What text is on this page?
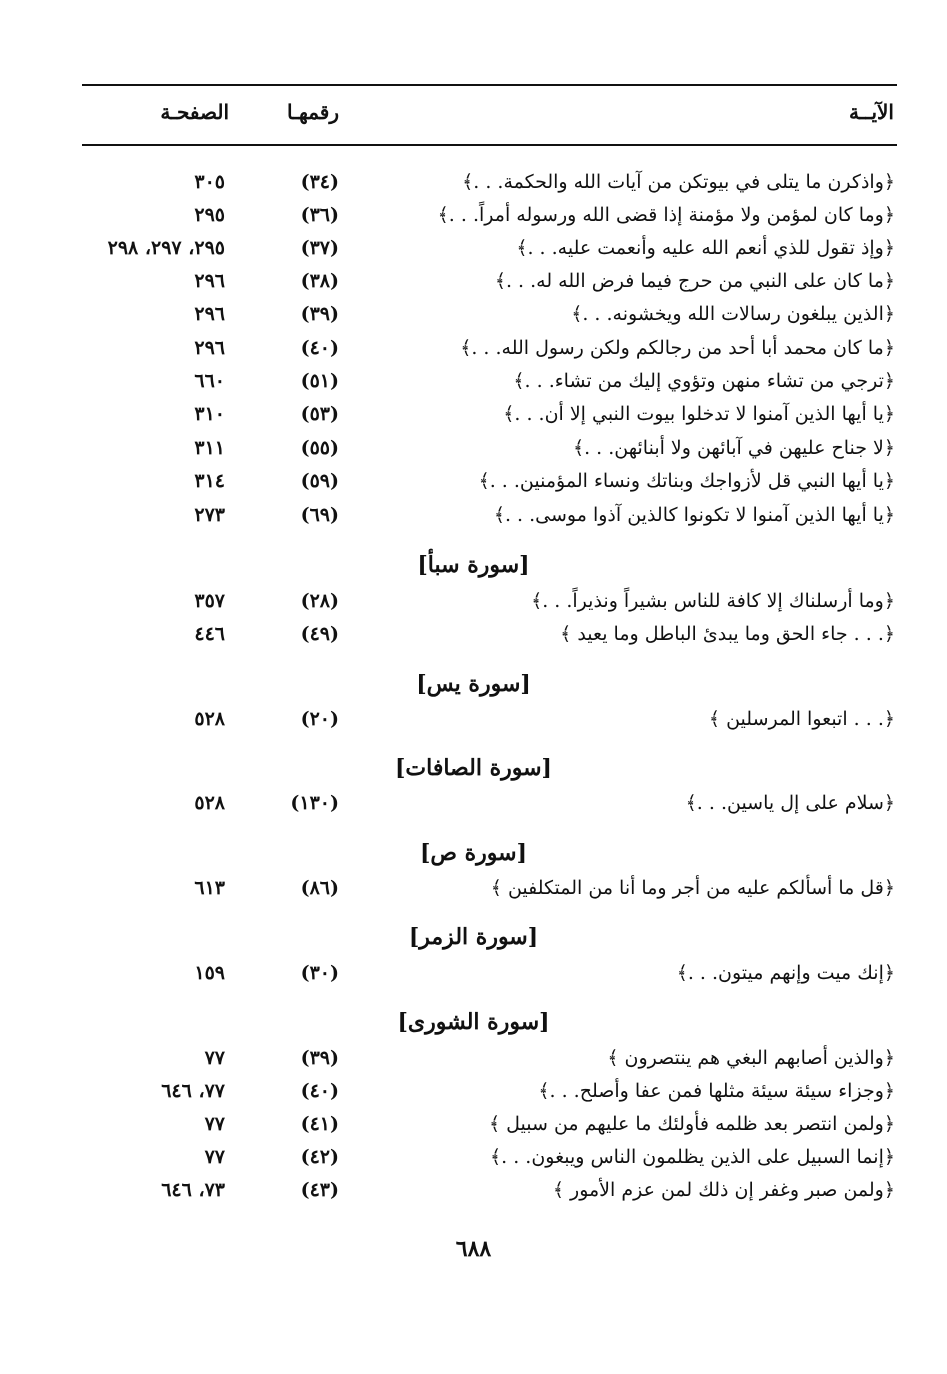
الآيــة
رقمهـا
الصفحـة
﴿واذكرن ما يتلى في بيوتكن من آيات الله والحكمة. . .﴾
(٣٤)
٣٠٥
﴿وما كان لمؤمن ولا مؤمنة إذا قضى الله ورسوله أمراً. . .﴾
(٣٦)
٢٩٥
﴿وإذ تقول للذي أنعم الله عليه وأنعمت عليه. . .﴾
(٣٧)
٢٩٥، ٢٩٧، ٢٩٨
﴿ما كان على النبي من حرج فيما فرض الله له. . .﴾
(٣٨)
٢٩٦
﴿الذين يبلغون رسالات الله ويخشونه. . .﴾
(٣٩)
٢٩٦
﴿ما كان محمد أبا أحد من رجالكم ولكن رسول الله. . .﴾
(٤٠)
٢٩٦
﴿ترجي من تشاء منهن وتؤوي إليك من تشاء. . .﴾
(٥١)
٦٦٠
﴿يا أيها الذين آمنوا لا تدخلوا بيوت النبي إلا أن. . .﴾
(٥٣)
٣١٠
﴿لا جناح عليهن في آبائهن ولا أبنائهن. . .﴾
(٥٥)
٣١١
﴿يا أيها النبي قل لأزواجك وبناتك ونساء المؤمنين. . .﴾
(٥٩)
٣١٤
﴿يا أيها الذين آمنوا لا تكونوا كالذين آذوا موسى. . .﴾
(٦٩)
٢٧٣
[سورة سبأ]
﴿وما أرسلناك إلا كافة للناس بشيراً ونذيراً. . .﴾
(٢٨)
٣٥٧
﴿. . . جاء الحق وما يبدئ الباطل وما يعيد ﴾
(٤٩)
٤٤٦
[سورة يس]
﴿. . . اتبعوا المرسلين ﴾
(٢٠)
٥٢٨
[سورة الصافات]
﴿سلام على إل ياسين. . .﴾
(١٣٠)
٥٢٨
[سورة ص]
﴿قل ما أسألكم عليه من أجر وما أنا من المتكلفين ﴾
(٨٦)
٦١٣
[سورة الزمر]
﴿إنك ميت وإنهم ميتون. . .﴾
(٣٠)
١٥٩
[سورة الشورى]
﴿والذين أصابهم البغي هم ينتصرون ﴾
(٣٩)
٧٧
﴿وجزاء سيئة سيئة مثلها فمن عفا وأصلح. . .﴾
(٤٠)
٧٧، ٦٤٦
﴿ولمن انتصر بعد ظلمه فأولئك ما عليهم من سبيل ﴾
(٤١)
٧٧
﴿إنما السبيل على الذين يظلمون الناس ويبغون. . .﴾
(٤٢)
٧٧
﴿ولمن صبر وغفر إن ذلك لمن عزم الأمور ﴾
(٤٣)
٧٣، ٦٤٦
٦٨٨
